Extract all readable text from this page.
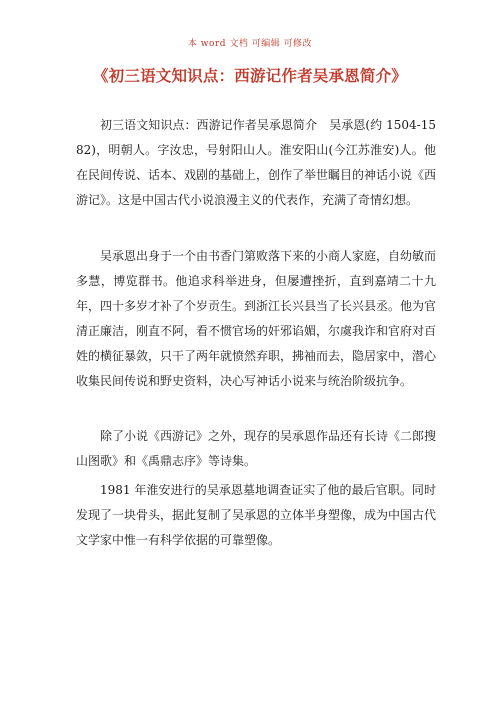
本 word 文档 可编辑 可修改
《初三语文知识点：西游记作者吴承恩简介》

初三语文知识点：西游记作者吴承恩简介　吴承恩(约 1504-1582)，明朝人。字汝忠，号射阳山人。淮安阳山(今江苏淮安)人。他在民间传说、话本、戏剧的基础上，创作了举世瞩目的神话小说《西游记》。这是中国古代小说浪漫主义的代表作，充满了奇情幻想。

吴承恩出身于一个由书香门第败落下来的小商人家庭，自幼敏而多慧，博览群书。他追求科举进身，但屡遭挫折，直到嘉靖二十九年，四十多岁才补了个岁贡生。到浙江长兴县当了长兴县丞。他为官清正廉洁，刚直不阿，看不惯官场的奸邪谄媚，尔虞我诈和官府对百姓的横征暴敛，只干了两年就愤然弃职，拂袖而去，隐居家中，潜心收集民间传说和野史资料，决心写神话小说来与统治阶级抗争。

除了小说《西游记》之外，现存的吴承恩作品还有长诗《二郎搜山图歌》和《禹鼎志序》等诗集。

1981 年淮安进行的吴承恩墓地调查证实了他的最后官职。同时发现了一块骨头，据此复制了吴承恩的立体半身塑像，成为中国古代文学家中惟一有科学依据的可靠塑像。
